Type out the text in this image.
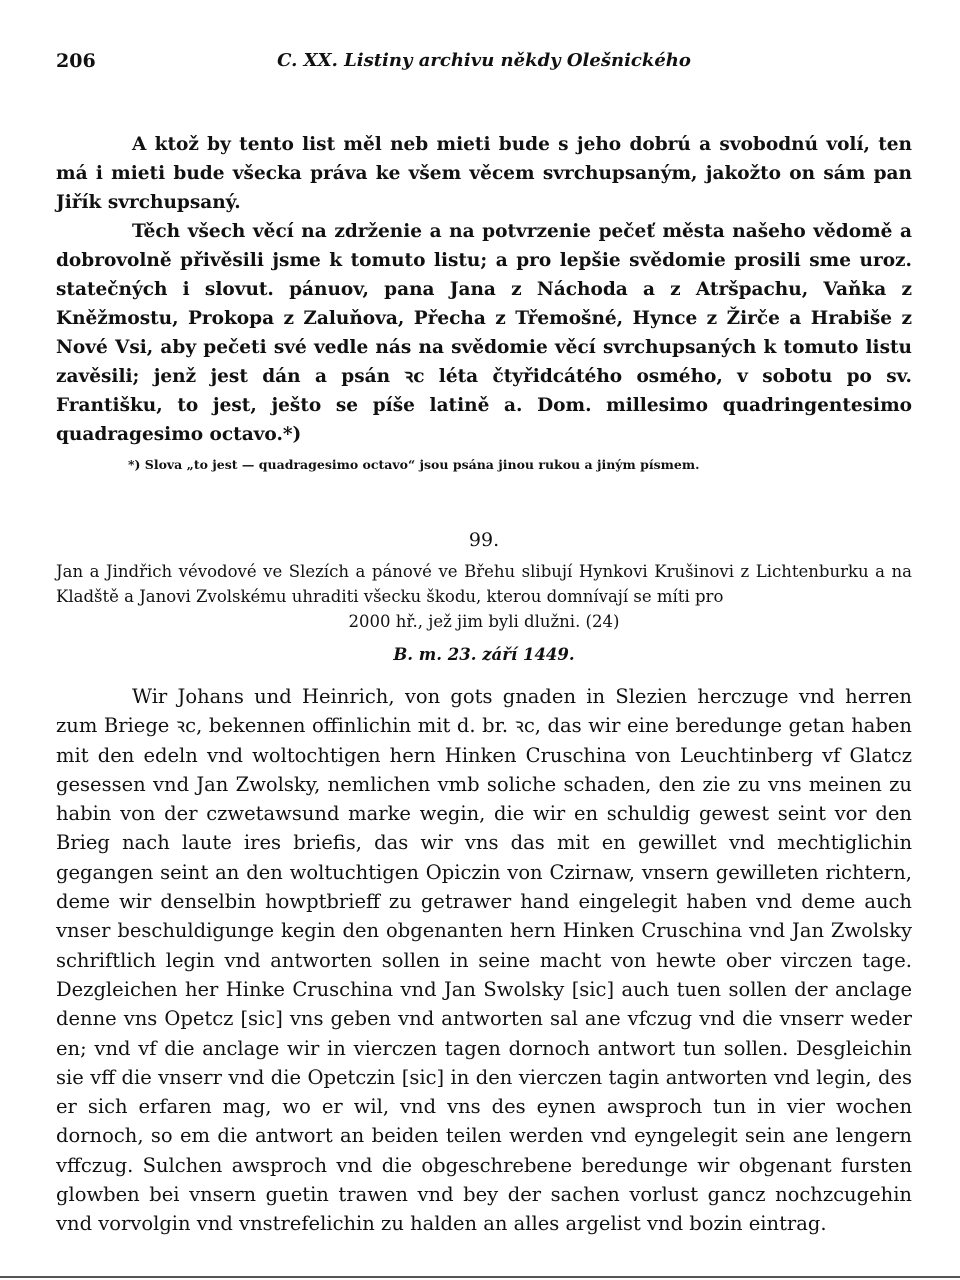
206	C. XX. Listiny archivu někdy Olešnického

A ktož by tento list měl neb mieti bude s jeho dobrú a svobodnú volí, ten má i mieti bude všecka práva ke všem věcem svrchupsaným, jakožto on sám pan Jiřík svrchupsaný.

Těch všech věcí na zdrženie a na potvrzenie pečeť města našeho vědomě a dobrovolně přivěsili jsme k tomuto listu; a pro lepšie svědomie prosili sme uroz. statečných i slovut. pánuov, pana Jana z Náchoda a z Atršpachu, Vaňka z Kněžmostu, Prokopa z Zaluňova, Přecha z Třemošné, Hynce z Žirče a Hrabiše z Nové Vsi, aby pečeti své vedle nás na svědomie věcí svrchupsaných k tomuto listu zavěsili; jenž jest dán a psán ꝛc léta čtyřidcátého osmého, v sobotu po sv. Františku, to jest, ješto se píše latině a. Dom. millesimo quadringentesimo quadragesimo octavo.*)

*) Slova „to jest — quadragesimo octavo“ jsou psána jinou rukou a jiným písmem.
99.

Jan a Jindřich vévodové ve Slezích a pánové ve Břehu slibují Hynkovi Krušinovi z Lichtenburku a na Kladště a Janovi Zvolskému uhraditi všecku škodu, kterou domnívají se míti pro
2000 hř., jež jim byli dlužni. (24)

B. m. 23. září 1449.

Wir Johans und Heinrich, von gots gnaden in Slezien herczuge vnd herren zum Briege ꝛc, bekennen offinlichin mit d. br. ꝛc, das wir eine beredunge getan haben mit den edeln vnd woltochtigen hern Hinken Cruschina von Leuchtinberg vf Glatcz gesessen vnd Jan Zwolsky, nemlichen vmb soliche schaden, den zie zu vns meinen zu habin von der czwetawsund marke wegin, die wir en schuldig gewest seint vor den Brieg nach laute ires briefis, das wir vns das mit en gewillet vnd mechtiglichin gegangen seint an den woltuchtigen Opiczin von Czirnaw, vnsern gewilleten richtern, deme wir denselbin howptbrieff zu getrawer hand eingelegit haben vnd deme auch vnser beschuldigunge kegin den obgenanten hern Hinken Cruschina vnd Jan Zwolsky schriftlich legin vnd antworten sollen in seine macht von hewte ober virczen tage. Dezgleichen her Hinke Cruschina vnd Jan Swolsky [sic] auch tuen sollen der anclage denne vns Opetcz [sic] vns geben vnd antworten sal ane vfczug vnd die vnserr weder en; vnd vf die anclage wir in vierczen tagen dornoch antwort tun sollen. Desgleichin sie vff die vnserr vnd die Opetczin [sic] in den vierczen tagin antworten vnd legin, des er sich erfaren mag, wo er wil, vnd vns des eynen awsproch tun in vier wochen dornoch, so em die antwort an beiden teilen werden vnd eyngelegit sein ane lengern vffczug. Sulchen awsproch vnd die obgeschrebene beredunge wir obgenant fursten glowben bei vnsern guetin trawen vnd bey der sachen vorlust gancz nochzcugehin vnd vorvolgin vnd vnstrefelichin zu halden an alles argelist vnd bozin eintrag.
